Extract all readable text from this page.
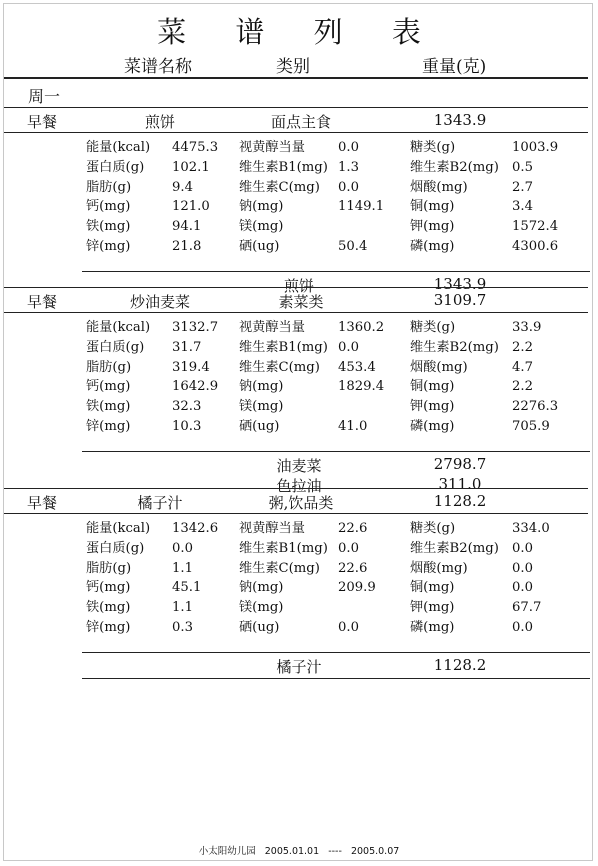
菜 谱 列 表
菜谱名称	类别	重量(克)
周一
早餐	煎饼	面点主食	1343.9
能量(kcal) 4475.3 视黄醇当量	0.0	糖类(g)	1003.9
蛋白质(g) 102.1 维生素B1(mg) 1.3	维生素B2(mg) 0.5
脂肪(g)	9.4	维生素C(mg) 0.0	烟酸(mg)	2.7
钙(mg)	121.0 钠(mg)	1149.1 铜(mg)	3.4
铁(mg)	94.1	镁(mg)	钾(mg)	1572.4
锌(mg)	21.8	硒(ug)	50.4	磷(mg)	4300.6
煎饼	1343.9
早餐	炒油麦菜	素菜类	3109.7
能量(kcal) 3132.7 视黄醇当量	1360.2 糖类(g)	33.9
蛋白质(g) 31.7	维生素B1(mg) 0.0	维生素B2(mg) 2.2
脂肪(g)	319.4 维生素C(mg) 453.4	烟酸(mg)	4.7
钙(mg)	1642.9 钠(mg)	1829.4 铜(mg)	2.2
铁(mg)	32.3	镁(mg)	钾(mg)	2276.3
锌(mg)	10.3	硒(ug)	41.0	磷(mg)	705.9
油麦菜	2798.7
色拉油	311.0
早餐	橘子汁	粥,饮品类	1128.2
能量(kcal) 1342.6 视黄醇当量	22.6	糖类(g)	334.0
蛋白质(g) 0.0	维生素B1(mg) 0.0	维生素B2(mg) 0.0
脂肪(g)	1.1	维生素C(mg) 22.6	烟酸(mg)	0.0
钙(mg)	45.1	钠(mg)	209.9	铜(mg)	0.0
铁(mg)	1.1	镁(mg)	钾(mg)	67.7
锌(mg)	0.3	硒(ug)	0.0	磷(mg)	0.0
橘子汁	1128.2
小太阳幼儿园 2005.01.01 ---- 2005.0.07
